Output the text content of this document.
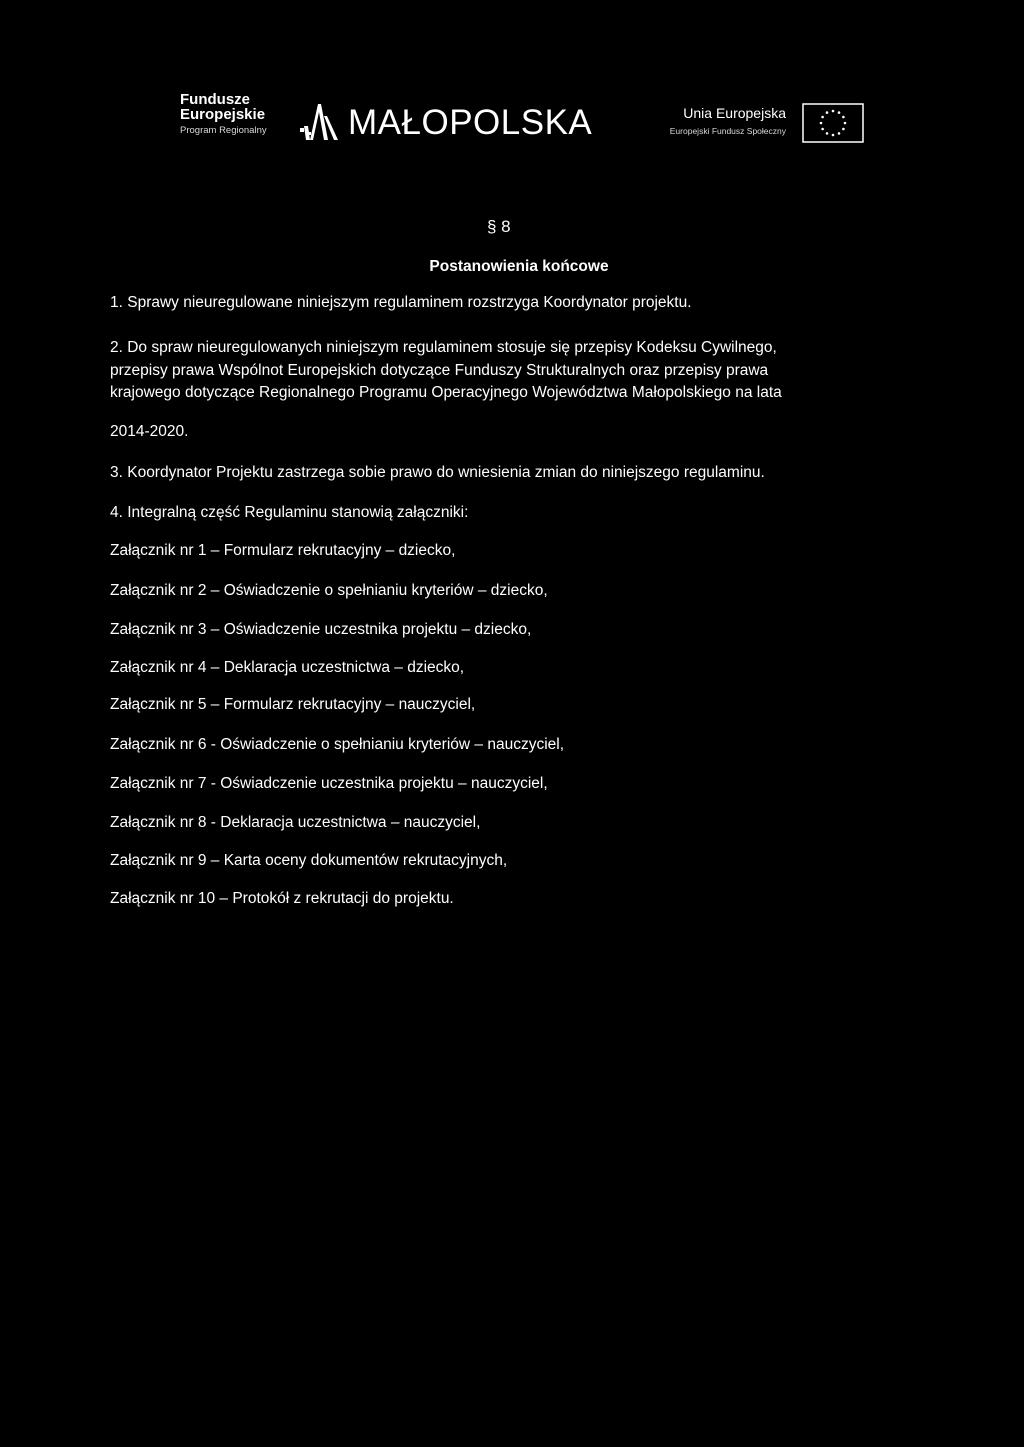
Fundusze
Europejskie
Program Regionalny MAŁOPOLSKA	Unia Europejska
Europejski Fundusz Społeczny
§ 8
Postanowienia końcowe
1. Sprawy nieuregulowane niniejszym regulaminem rozstrzyga Koordynator projektu.
2. Do spraw nieuregulowanych niniejszym regulaminem stosuje się przepisy Kodeksu Cywilnego,
przepisy prawa Wspólnot Europejskich dotyczące Funduszy Strukturalnych oraz przepisy prawa
krajowego dotyczące Regionalnego Programu Operacyjnego Województwa Małopolskiego na lata
2014-2020.
3. Koordynator Projektu zastrzega sobie prawo do wniesienia zmian do niniejszego regulaminu.
4. Integralną część Regulaminu stanowią załączniki:
Załącznik nr 1 – Formularz rekrutacyjny – dziecko,
Załącznik nr 2 – Oświadczenie o spełnianiu kryteriów – dziecko,
Załącznik nr 3 – Oświadczenie uczestnika projektu – dziecko,
Załącznik nr 4 – Deklaracja uczestnictwa – dziecko,
Załącznik nr 5 – Formularz rekrutacyjny – nauczyciel,
Załącznik nr 6 - Oświadczenie o spełnianiu kryteriów – nauczyciel,
Załącznik nr 7 - Oświadczenie uczestnika projektu – nauczyciel,
Załącznik nr 8 - Deklaracja uczestnictwa – nauczyciel,
Załącznik nr 9 – Karta oceny dokumentów rekrutacyjnych,
Załącznik nr 10 – Protokół z rekrutacji do projektu.
